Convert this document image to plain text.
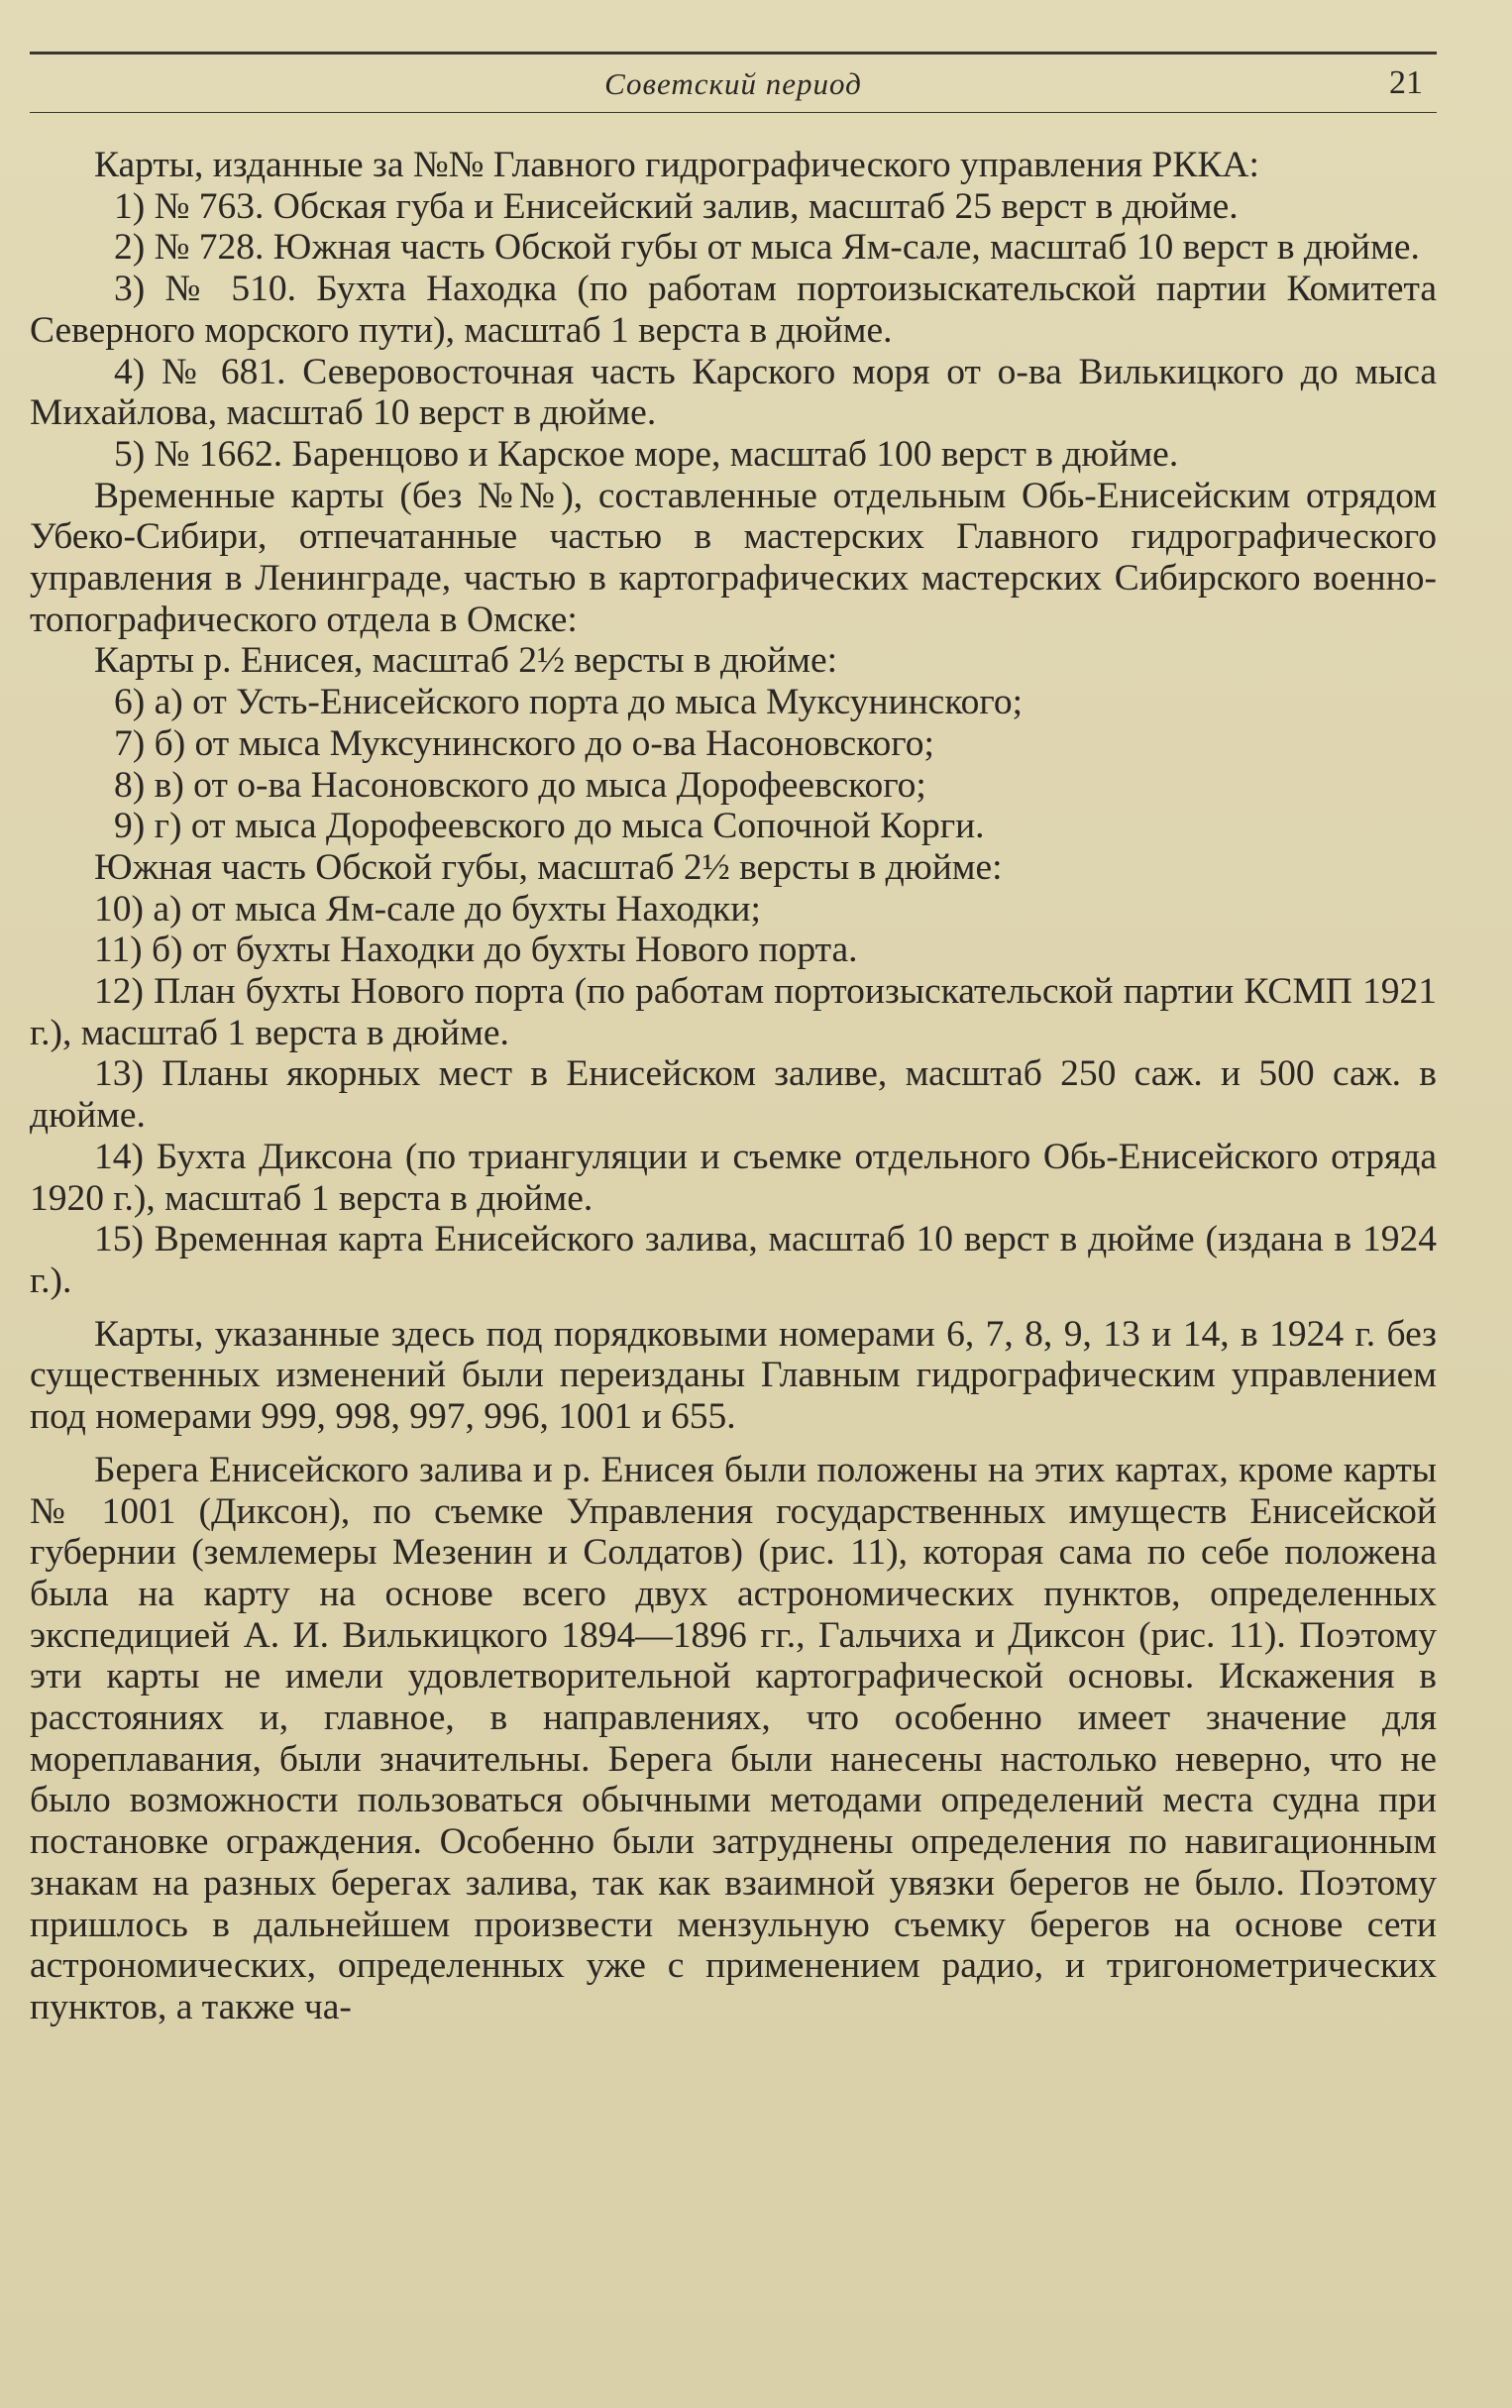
Советский период	21

Карты, изданные за №№ Главного гидрографического управления РККА:

1) № 763. Обская губа и Енисейский залив, масштаб 25 верст в дюйме.

2) № 728. Южная часть Обской губы от мыса Ям-сале, масштаб 10 верст в дюйме.

3) № 510. Бухта Находка (по работам портоизыскательской партии Комитета Северного морского пути), масштаб 1 верста в дюйме.

4) № 681. Северовосточная часть Карского моря от о-ва Вилькицкого до мыса Михайлова, масштаб 10 верст в дюйме.

5) № 1662. Баренцово и Карское море, масштаб 100 верст в дюйме.

Временные карты (без №№), составленные отдельным Обь-Енисейским отрядом Убеко-Сибири, отпечатанные частью в мастерских Главного гидрографического управления в Ленинграде, частью в картографических мастерских Сибирского военно-топографического отдела в Омске:

Карты р. Енисея, масштаб 2½ версты в дюйме:

6) а) от Усть-Енисейского порта до мыса Муксунинского;

7) б) от мыса Муксунинского до о-ва Насоновского;

8) в) от о-ва Насоновского до мыса Дорофеевского;

9) г) от мыса Дорофеевского до мыса Сопочной Корги.

Южная часть Обской губы, масштаб 2½ версты в дюйме:

10) а) от мыса Ям-сале до бухты Находки;

11) б) от бухты Находки до бухты Нового порта.

12) План бухты Нового порта (по работам портоизыскательской партии КСМП 1921 г.), масштаб 1 верста в дюйме.

13) Планы якорных мест в Енисейском заливе, масштаб 250 саж. и 500 саж. в дюйме.

14) Бухта Диксона (по триангуляции и съемке отдельного Обь-Енисейского отряда 1920 г.), масштаб 1 верста в дюйме.

15) Временная карта Енисейского залива, масштаб 10 верст в дюйме (издана в 1924 г.).

Карты, указанные здесь под порядковыми номерами 6, 7, 8, 9, 13 и 14, в 1924 г. без существенных изменений были переизданы Главным гидрографическим управлением под номерами 999, 998, 997, 996, 1001 и 655.

Берега Енисейского залива и р. Енисея были положены на этих картах, кроме карты № 1001 (Диксон), по съемке Управления государственных имуществ Енисейской губернии (землемеры Мезенин и Солдатов) (рис. 11), которая сама по себе положена была на карту на основе всего двух астрономических пунктов, определенных экспедицией А. И. Вилькицкого 1894—1896 гг., Гальчиха и Диксон (рис. 11). Поэтому эти карты не имели удовлетворительной картографической основы. Искажения в расстояниях и, главное, в направлениях, что особенно имеет значение для мореплавания, были значительны. Берега были нанесены настолько неверно, что не было возможности пользоваться обычными методами определений места судна при постановке ограждения. Особенно были затруднены определения по навигационным знакам на разных берегах залива, так как взаимной увязки берегов не было. Поэтому пришлось в дальнейшем произвести мензульную съемку берегов на основе сети астрономических, определенных уже с применением радио, и тригонометрических пунктов, а также ча-
